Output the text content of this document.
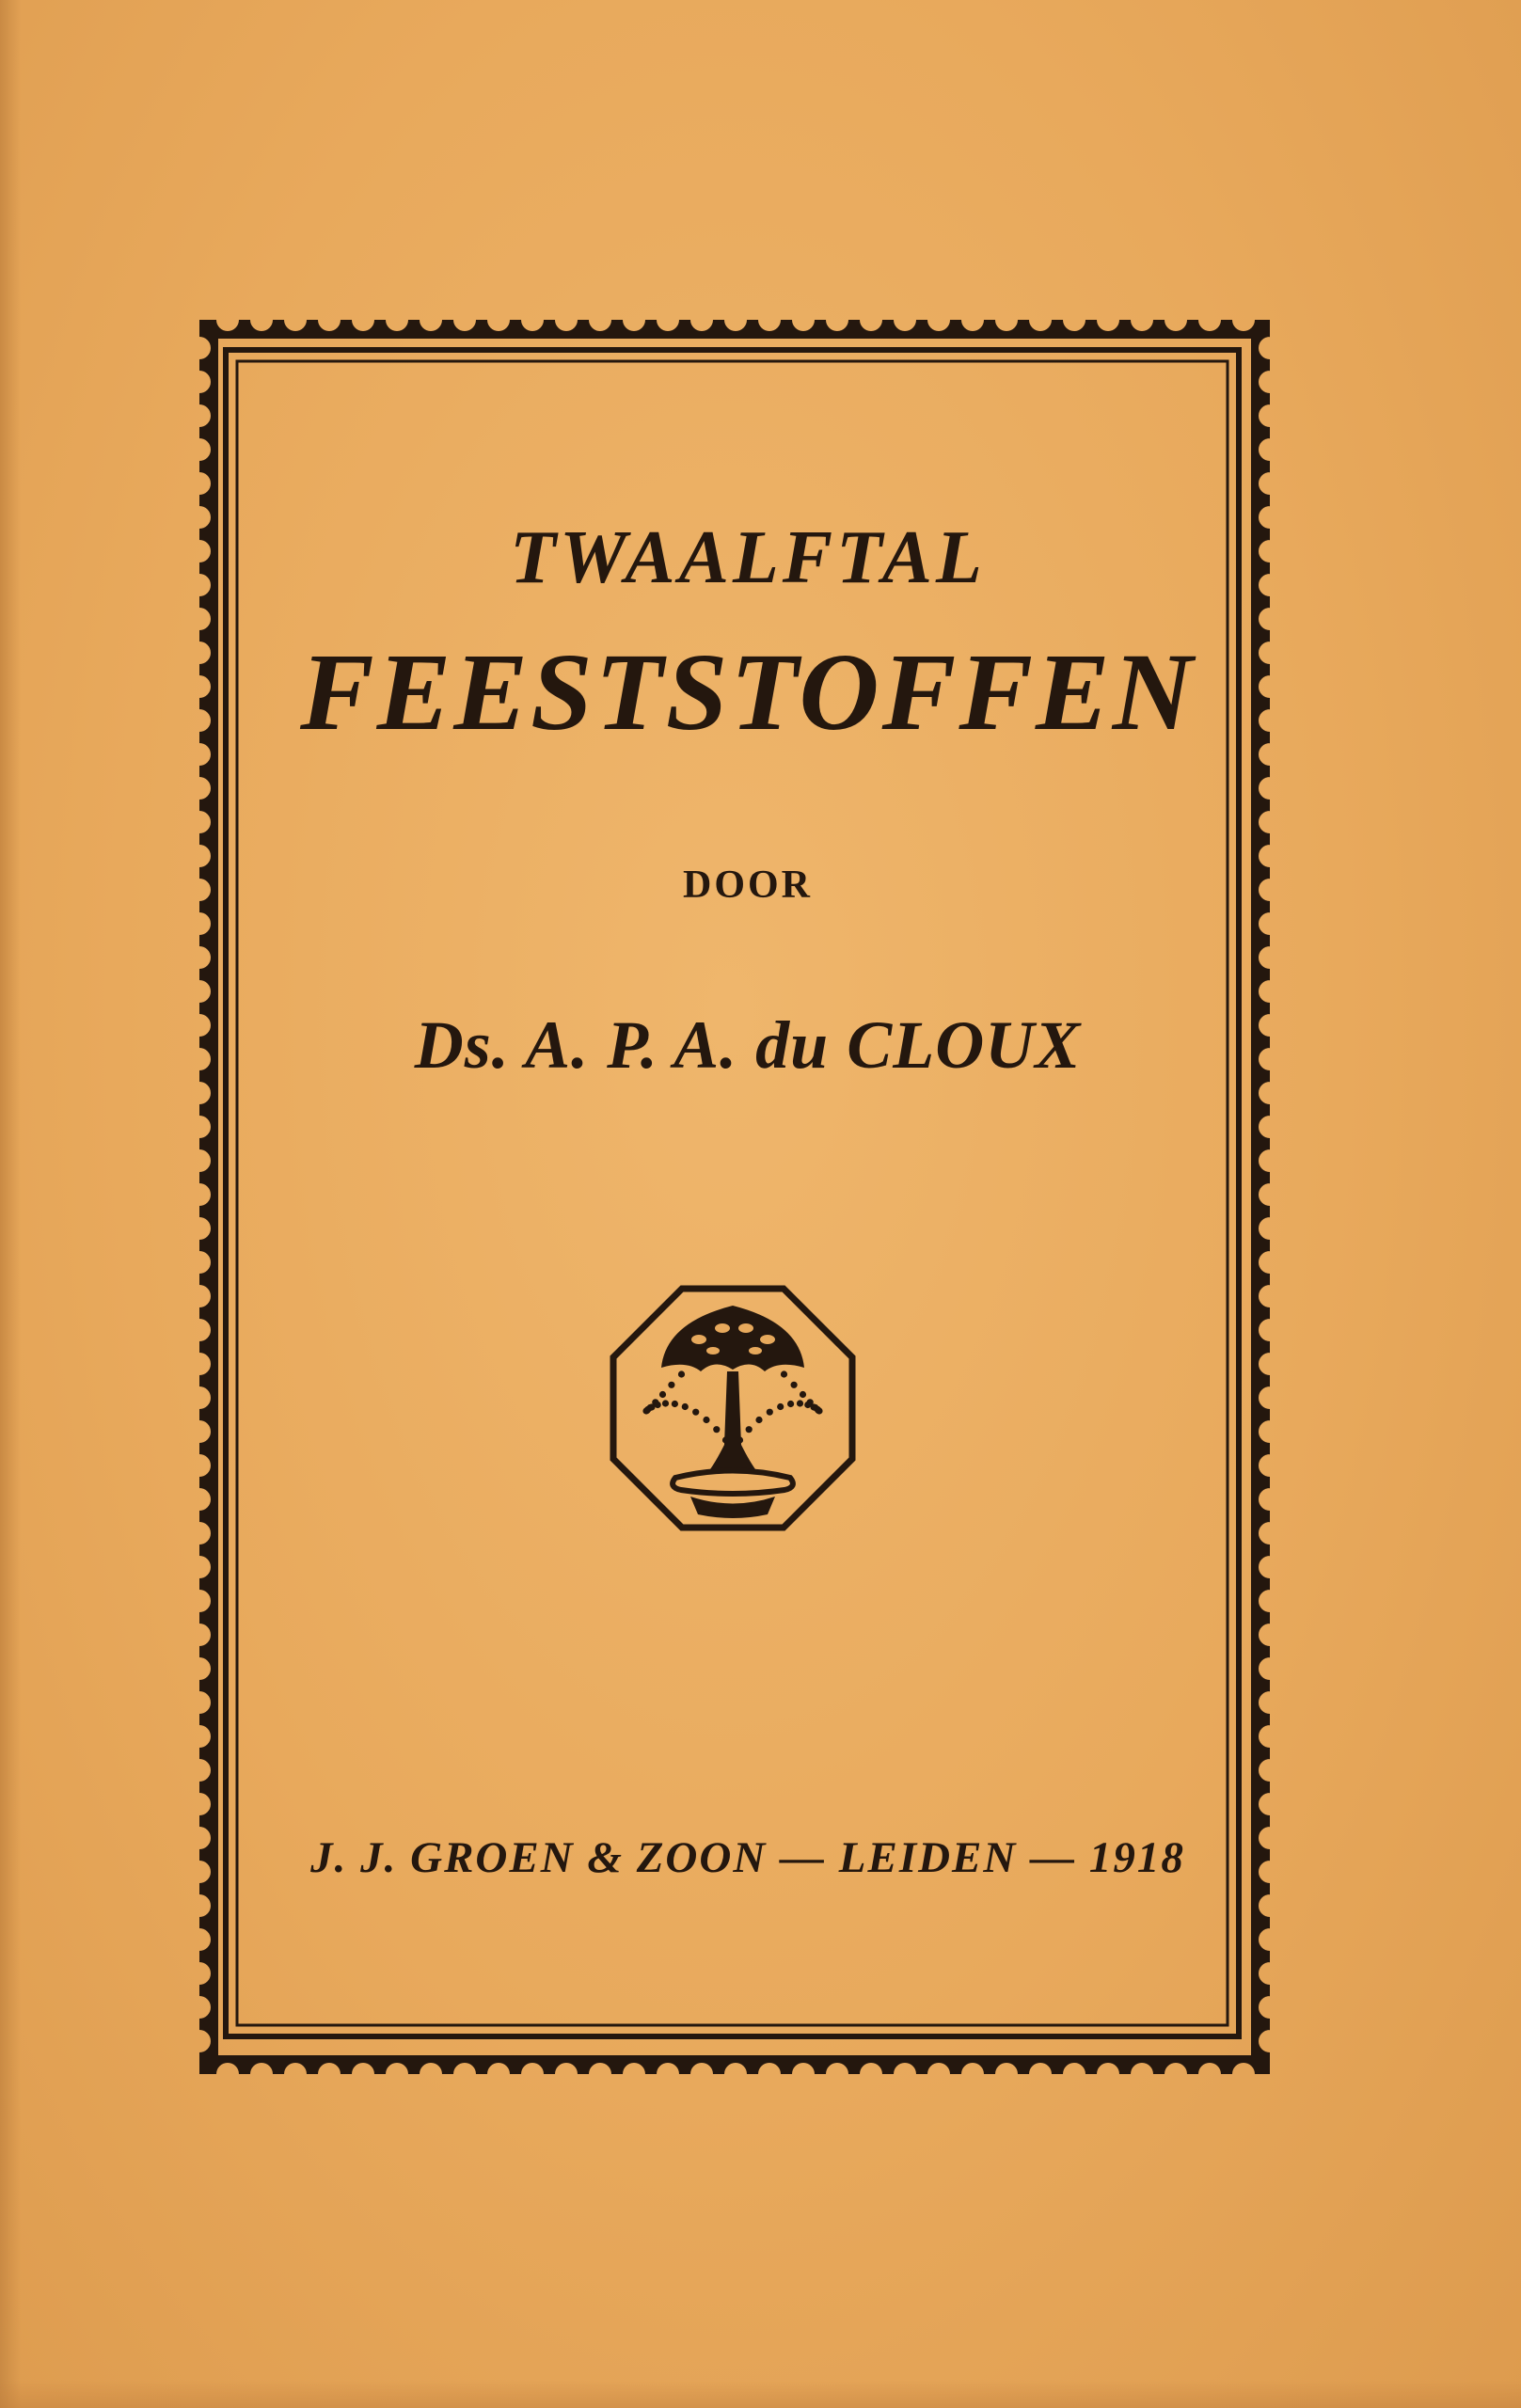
TWAALFTAL
FEESTSTOFFEN
DOOR
Ds. A. P. A. du CLOUX
J. J. GROEN & ZOON — LEIDEN — 1918
